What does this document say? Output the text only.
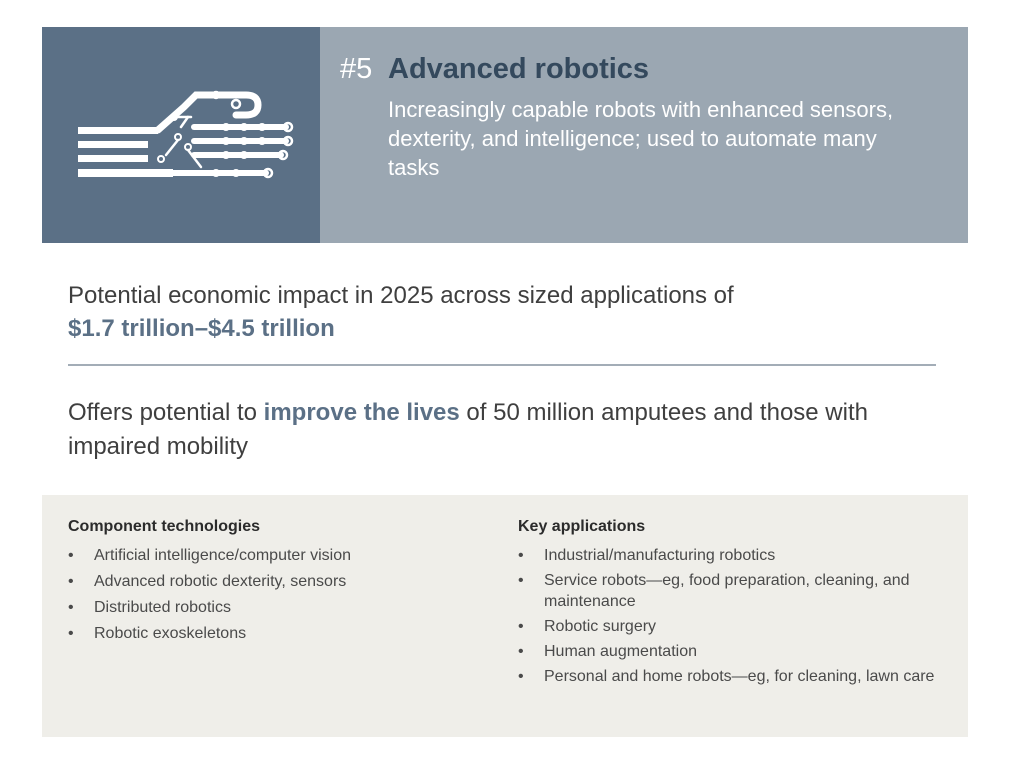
#5 Advanced robotics
Increasingly capable robots with enhanced sensors, dexterity, and intelligence; used to automate many tasks
Potential economic impact in 2025 across sized applications of
$1.7 trillion–$4.5 trillion
Offers potential to improve the lives of 50 million amputees and those with impaired mobility
Component technologies
• Artificial intelligence/computer vision
• Advanced robotic dexterity, sensors
• Distributed robotics
• Robotic exoskeletons
Key applications
• Industrial/manufacturing robotics
• Service robots—eg, food preparation, cleaning, and maintenance
• Robotic surgery
• Human augmentation
• Personal and home robots—eg, for cleaning, lawn care
